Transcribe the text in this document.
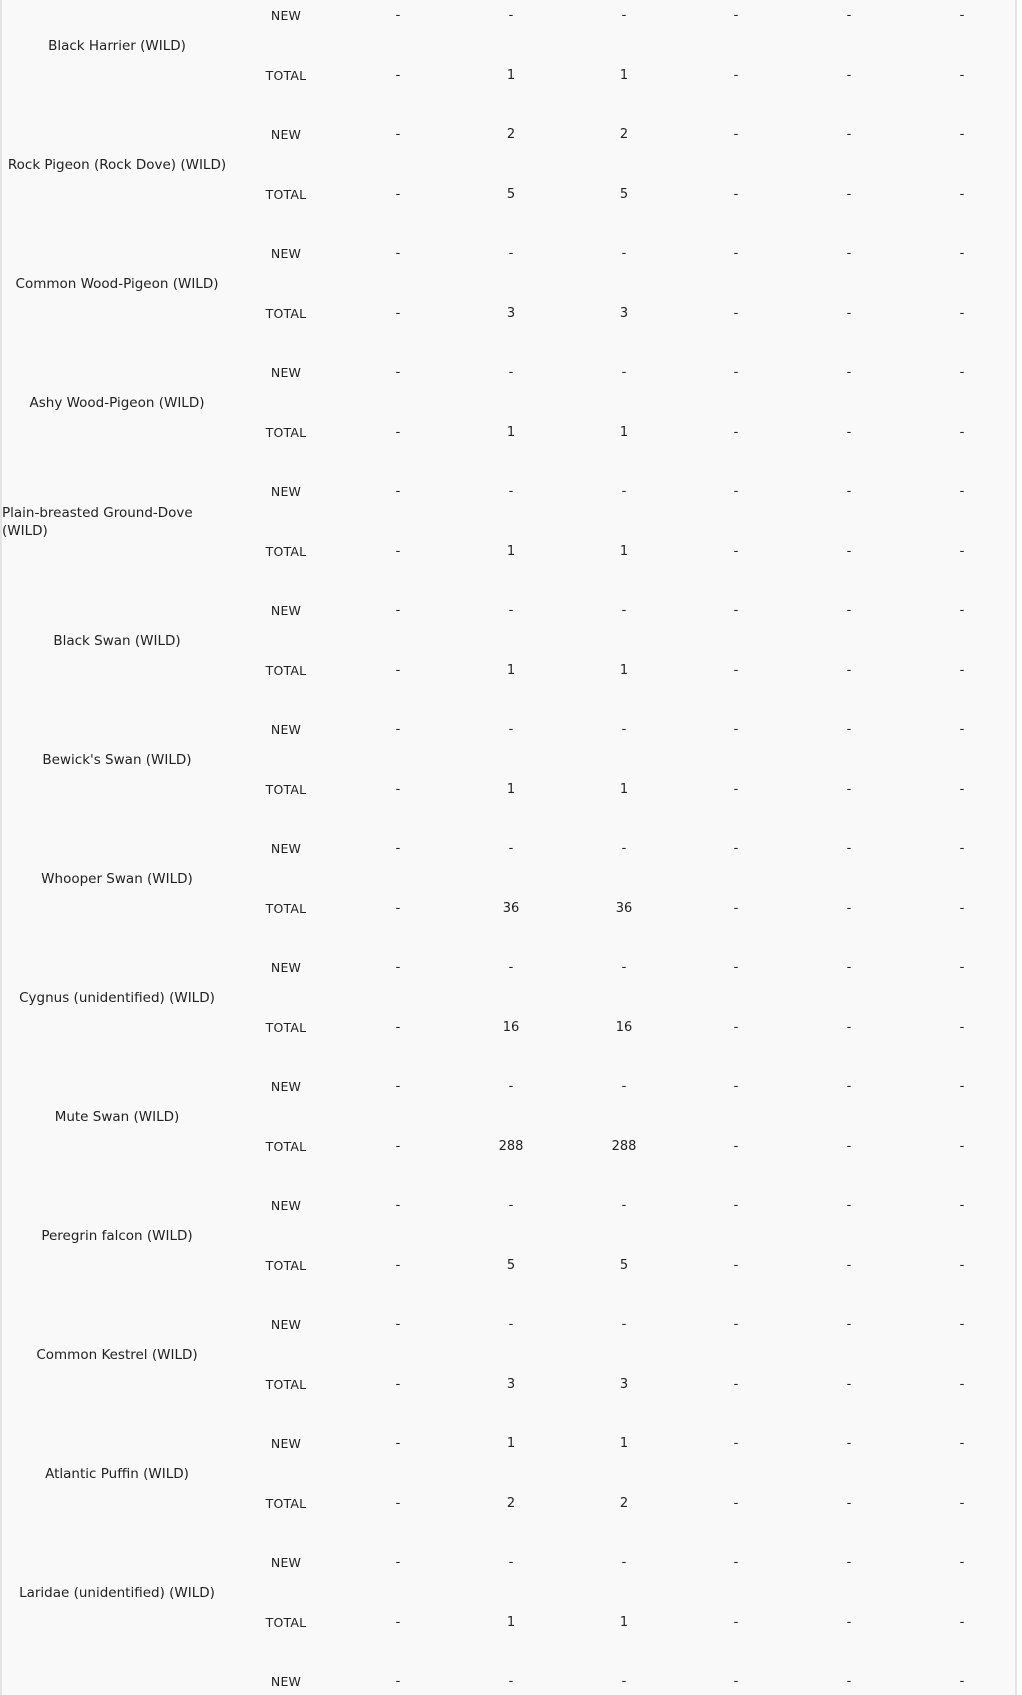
NEW	-	-	-	-	-	-
Black Harrier (WILD)
TOTAL	-	1	1	-	-	-
Rock Pigeon (Rock Dove) (WILD)
NEW	-	2	2	-	-	-
TOTAL	-	5	5	-	-	-
Common Wood-Pigeon (WILD)
NEW	-	-	-	-	-	-
TOTAL	-	3	3	-	-	-
Ashy Wood-Pigeon (WILD)
NEW	-	-	-	-	-	-
TOTAL	-	1	1	-	-	-
Plain-breasted Ground-Dove (WILD)
NEW	-	-	-	-	-	-
TOTAL	-	1	1	-	-	-
Black Swan (WILD)
NEW	-	-	-	-	-	-
TOTAL	-	1	1	-	-	-
Bewick's Swan (WILD)
NEW	-	-	-	-	-	-
TOTAL	-	1	1	-	-	-
Whooper Swan (WILD)
NEW	-	-	-	-	-	-
TOTAL	-	36	36	-	-	-
Cygnus (unidentified) (WILD)
NEW	-	-	-	-	-	-
TOTAL	-	16	16	-	-	-
Mute Swan (WILD)
NEW	-	-	-	-	-	-
TOTAL	-	288	288	-	-	-
Peregrin falcon (WILD)
NEW	-	-	-	-	-	-
TOTAL	-	5	5	-	-	-
Common Kestrel (WILD)
NEW	-	-	-	-	-	-
TOTAL	-	3	3	-	-	-
Atlantic Puffin (WILD)
NEW	-	1	1	-	-	-
TOTAL	-	2	2	-	-	-
Laridae (unidentified) (WILD)
NEW	-	-	-	-	-	-
TOTAL	-	1	1	-	-	-
NEW	-	-	-	-	-	-
